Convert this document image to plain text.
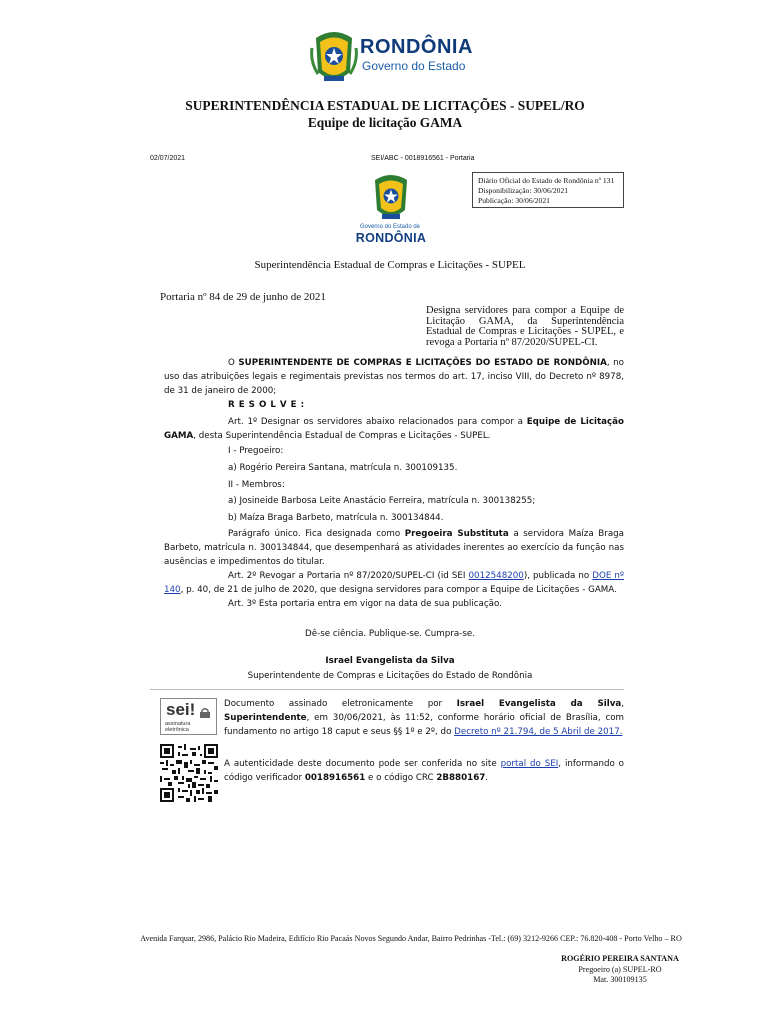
RONDÔNIA
Governo do Estado
SUPERINTENDÊNCIA ESTADUAL DE LICITAÇÕES - SUPEL/RO
Equipe de licitação GAMA
02/07/2021	SEI/ABC - 0018916561 - Portaria
Diário Oficial do Estado de Rondônia nº 131
Disponibilização: 30/06/2021
Publicação: 30/06/2021
Governo do Estado de
RONDÔNIA
Superintendência Estadual de Compras e Licitações - SUPEL
Portaria nº 84 de 29 de junho de 2021
Designa servidores para compor a Equipe de Licitação GAMA, da Superintendência Estadual de Compras e Licitações - SUPEL, e revoga a Portaria nº 87/2020/SUPEL-CI.
O SUPERINTENDENTE DE COMPRAS E LICITAÇÕES DO ESTADO DE RONDÔNIA, no uso das atribuições legais e regimentais previstas nos termos do art. 17, inciso VIII, do Decreto nº 8978, de 31 de janeiro de 2000;
R E S O L V E :
Art. 1º Designar os servidores abaixo relacionados para compor a Equipe de Licitação GAMA, desta Superintendência Estadual de Compras e Licitações - SUPEL.
I - Pregoeiro:
a) Rogério Pereira Santana, matrícula n. 300109135.
II - Membros:
a) Josineide Barbosa Leite Anastácio Ferreira, matrícula n. 300138255;
b) Maíza Braga Barbeto, matrícula n. 300134844.
Parágrafo único. Fica designada como Pregoeira Substituta a servidora Maíza Braga Barbeto, matrícula n. 300134844, que desempenhará as atividades inerentes ao exercício da função nas ausências e impedimentos do titular.
Art. 2º Revogar a Portaria nº 87/2020/SUPEL-CI (id SEI 0012548200), publicada no DOE nº 140, p. 40, de 21 de julho de 2020, que designa servidores para compor a Equipe de Licitações - GAMA.
Art. 3º Esta portaria entra em vigor na data de sua publicação.
Dê-se ciência. Publique-se. Cumpra-se.
Israel Evangelista da Silva
Superintendente de Compras e Licitações do Estado de Rondônia
sei!
assinatura
eletrônica
Documento assinado eletronicamente por Israel Evangelista da Silva, Superintendente, em 30/06/2021, às 11:52, conforme horário oficial de Brasília, com fundamento no artigo 18 caput e seus §§ 1º e 2º, do Decreto nº 21.794, de 5 Abril de 2017.
A autenticidade deste documento pode ser conferida no site portal do SEI, informando o código verificador 0018916561 e o código CRC 2B880167.
Avenida Farquar, 2986, Palácio Rio Madeira, Edifício Rio Pacaás Novos Segundo Andar, Bairro Pedrinhas -Tel.: (69) 3212-9266 CEP.: 76.820-408 - Porto Velho – RO
ROGÉRIO PEREIRA SANTANA
Pregoeiro (a) SUPEL-RO
Mat. 300109135
